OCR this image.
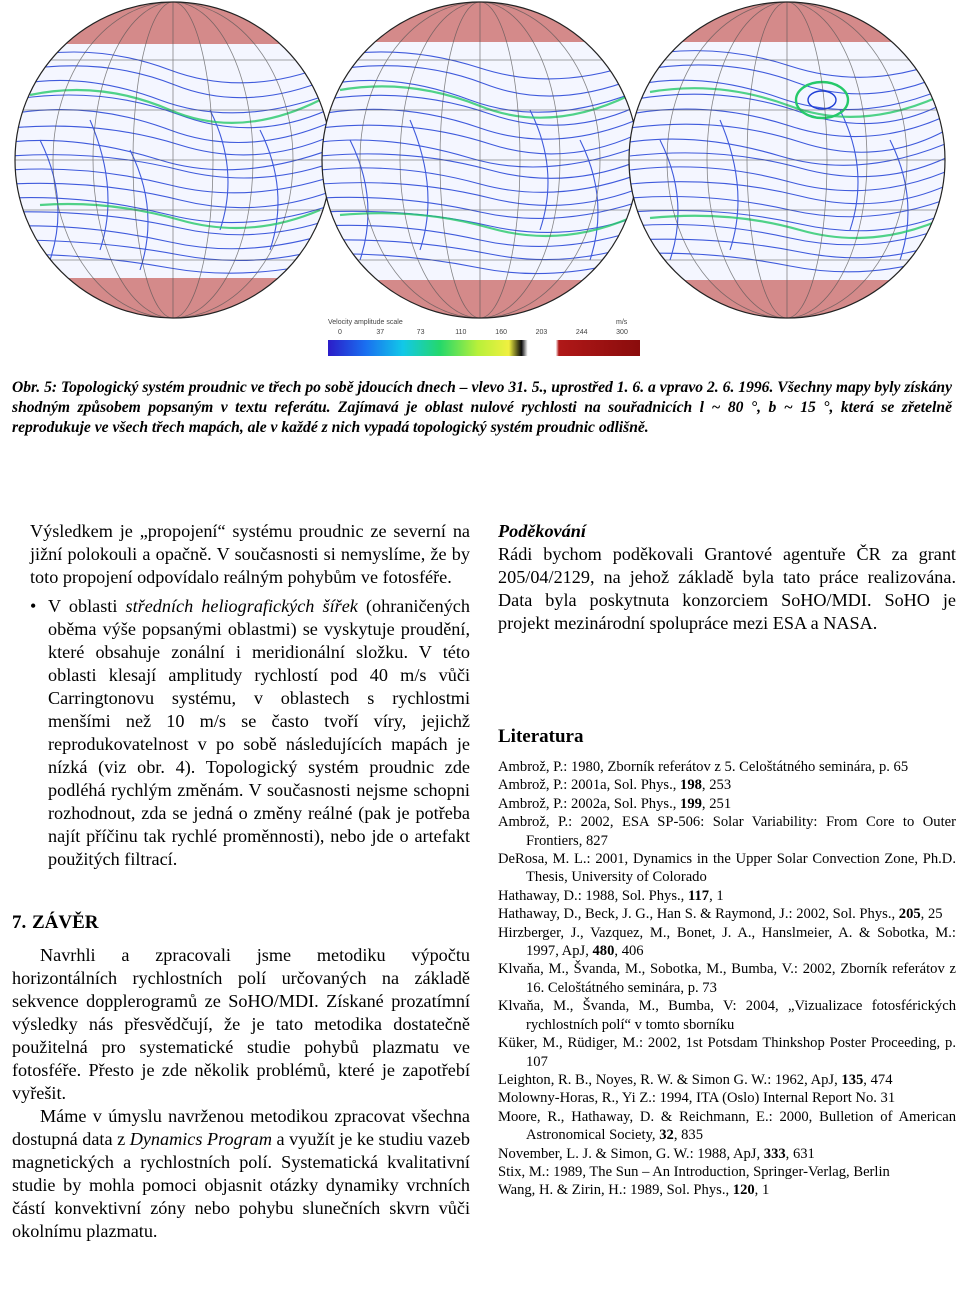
Velocity amplitude scale	m/s
0	37	73	110	160	203	244	300

Obr. 5: Topologický systém proudnic ve třech po sobě jdoucích dnech – vlevo 31. 5., uprostřed 1. 6. a vpravo 2. 6. 1996. Všechny mapy byly získány shodným způsobem popsaným v textu referátu. Zajímavá je oblast nulové rychlosti na souřadnicích l ~ 80 °, b ~ 15 °, která se zřetelně reprodukuje ve všech třech mapách, ale v každé z nich vypadá topologický systém proudnic odlišně.

Výsledkem je „propojení“ systému proudnic ze severní na jižní polokouli a opačně. V současnosti si nemyslíme, že by toto propojení odpovídalo reálným pohybům ve fotosféře.

• V oblasti středních heliografických šířek (ohraničených oběma výše popsanými oblastmi) se vyskytuje proudění, které obsahuje zonální i meridionální složku. V této oblasti klesají amplitudy rychlostí pod 40 m/s vůči Carringtonovu systému, v oblastech s rychlostmi menšími než 10 m/s se často tvoří víry, jejichž reprodukovatelnost v po sobě následujících mapách je nízká (viz obr. 4). Topologický systém proudnic zde podléhá rychlým změnám. V současnosti nejsme schopni rozhodnout, zda se jedná o změny reálné (pak je potřeba najít příčinu tak rychlé proměnnosti), nebo jde o artefakt použitých filtrací.

7. ZÁVĚR

Navrhli a zpracovali jsme metodiku výpočtu horizontálních rychlostních polí určovaných na základě sekvence dopplerogramů ze SoHO/MDI. Získané prozatímní výsledky nás přesvědčují, že je tato metodika dostatečně použitelná pro systematické studie pohybů plazmatu ve fotosféře. Přesto je zde několik problémů, které je zapotřebí vyřešit.

Máme v úmyslu navrženou metodikou zpracovat všechna dostupná data z Dynamics Program a využít je ke studiu vazeb magnetických a rychlostních polí. Systematická kvalitativní studie by mohla pomoci objasnit otázky dynamiky vrchních částí konvektivní zóny nebo pohybu slunečních skvrn vůči okolnímu plazmatu.

Poděkování

Rádi bychom poděkovali Grantové agentuře ČR za grant 205/04/2129, na jehož základě byla tato práce realizována. Data byla poskytnuta konzorciem SoHO/MDI. SoHO je projekt mezinárodní spolupráce mezi ESA a NASA.

Literatura
Ambrož, P.: 1980, Zborník referátov z 5. Celoštátného seminára, p. 65
Ambrož, P.: 2001a, Sol. Phys., 198, 253
Ambrož, P.: 2002a, Sol. Phys., 199, 251
Ambrož, P.: 2002, ESA SP-506: Solar Variability: From Core to Outer Frontiers, 827
DeRosa, M. L.: 2001, Dynamics in the Upper Solar Convection Zone, Ph.D. Thesis, University of Colorado
Hathaway, D.: 1988, Sol. Phys., 117, 1
Hathaway, D., Beck, J. G., Han S. & Raymond, J.: 2002, Sol. Phys., 205, 25
Hirzberger, J., Vazquez, M., Bonet, J. A., Hanslmeier, A. & Sobotka, M.: 1997, ApJ, 480, 406
Klvaňa, M., Švanda, M., Sobotka, M., Bumba, V.: 2002, Zborník referátov z 16. Celoštátného seminára, p. 73
Klvaňa, M., Švanda, M., Bumba, V: 2004, „Vizualizace fotosférických rychlostních polí“ v tomto sborníku
Küker, M., Rüdiger, M.: 2002, 1st Potsdam Thinkshop Poster Proceeding, p. 107
Leighton, R. B., Noyes, R. W. & Simon G. W.: 1962, ApJ, 135, 474
Molowny-Horas, R., Yi Z.: 1994, ITA (Oslo) Internal Report No. 31
Moore, R., Hathaway, D. & Reichmann, E.: 2000, Bulletion of American Astronomical Society, 32, 835
November, L. J. & Simon, G. W.: 1988, ApJ, 333, 631
Stix, M.: 1989, The Sun – An Introduction, Springer-Verlag, Berlin
Wang, H. & Zirin, H.: 1989, Sol. Phys., 120, 1
